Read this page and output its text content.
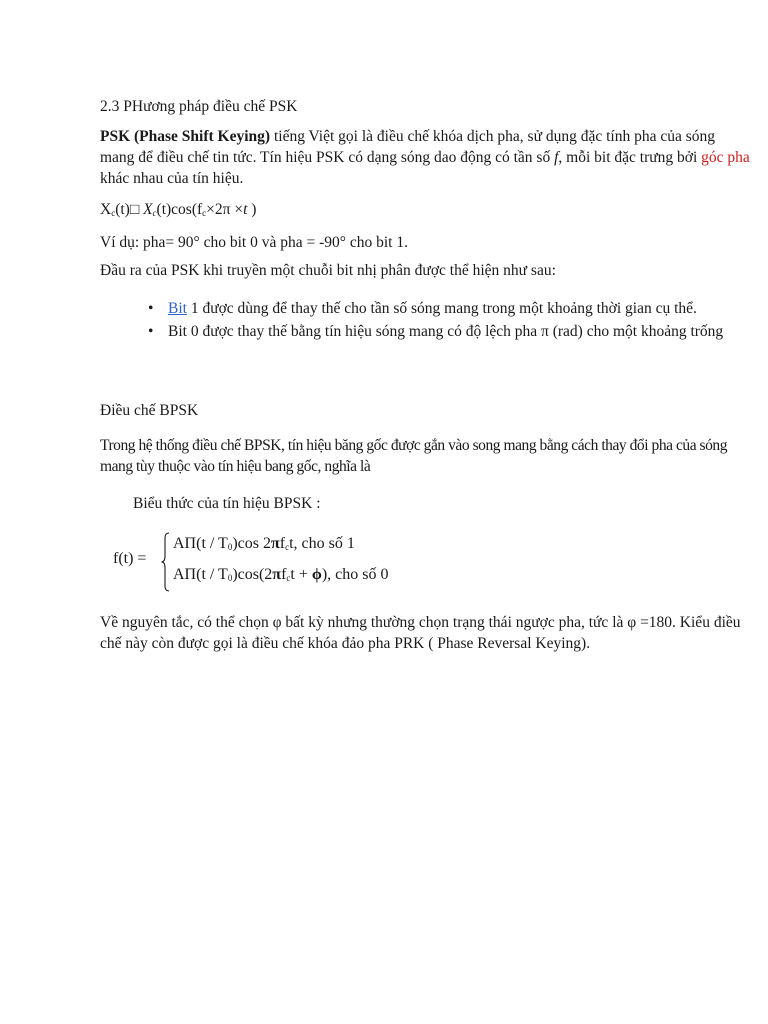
2.3 PHương pháp điều chế PSK

PSK (Phase Shift Keying) tiếng Việt gọi là điều chế khóa dịch pha, sử dụng đặc tính pha của sóng mang để điều chế tin tức. Tín hiệu PSK có dạng sóng dao động có tần số f, mỗi bit đặc trưng bởi góc pha khác nhau của tín hiệu.

$X_c(t)□$ $X_c(t)\cos(f_c\times 2\pi \times t$ )

Ví dụ: pha= 90° cho bit 0 và pha = -90° cho bit 1.

Đầu ra của PSK khi truyền một chuỗi bit nhị phân được thể hiện như sau:

• Bit 1 được dùng để thay thế cho tần số sóng mang trong một khoảng thời gian cụ thể.
• Bit 0 được thay thế bằng tín hiệu sóng mang có độ lệch pha π (rad) cho một khoảng trống

Điều chế BPSK

Trong hệ thống điều chế BPSK, tín hiệu băng gốc được gắn vào song mang bằng cách thay đổi pha của sóng mang tùy thuộc vào tín hiệu bang gốc, nghĩa là

Biểu thức của tín hiệu BPSK :

f(t) =
$A\Pi(t / T_0)\cos$ $2\pi f_ct$, cho số 1
$A\Pi(t / T_0)\cos(2\pi f_ct + \phi)$, cho số 0

Về nguyên tắc, có thể chọn φ bất kỳ nhưng thường chọn trạng thái ngược pha, tức là φ =180. Kiểu điều chế này còn được gọi là điều chế khóa đảo pha PRK ( Phase Reversal Keying).
